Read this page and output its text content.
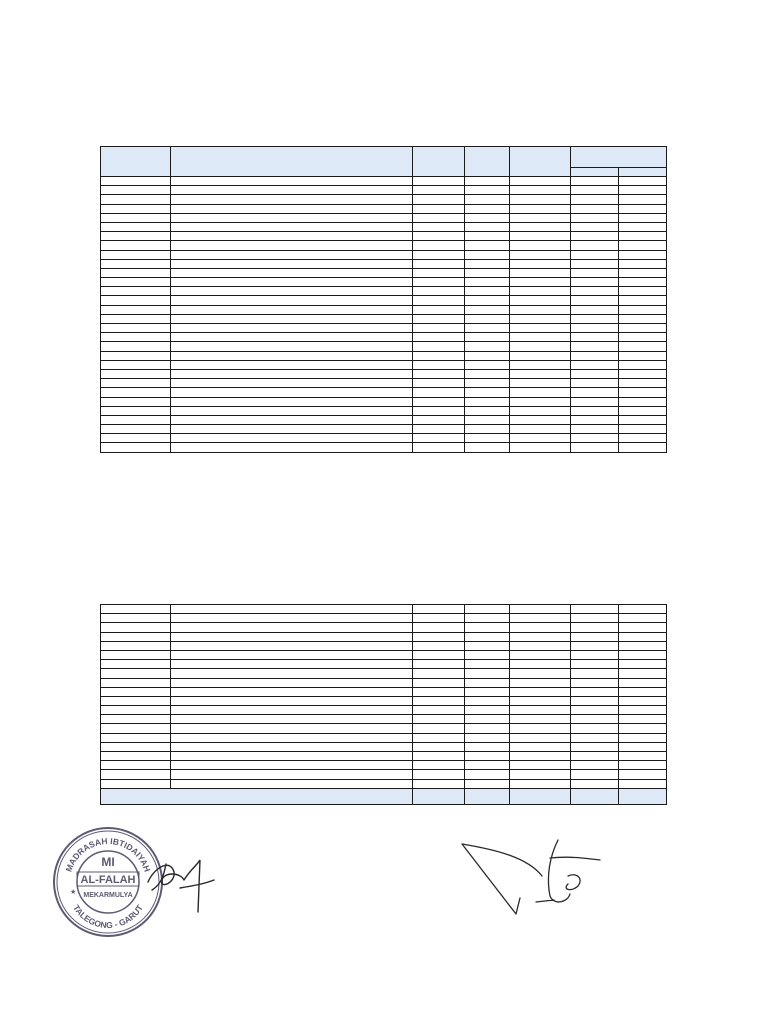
MADRASAH IBTIDAIYAH
TALEGONG - GARUT
★
MI
AL-FALAH
MEKARMULYA
